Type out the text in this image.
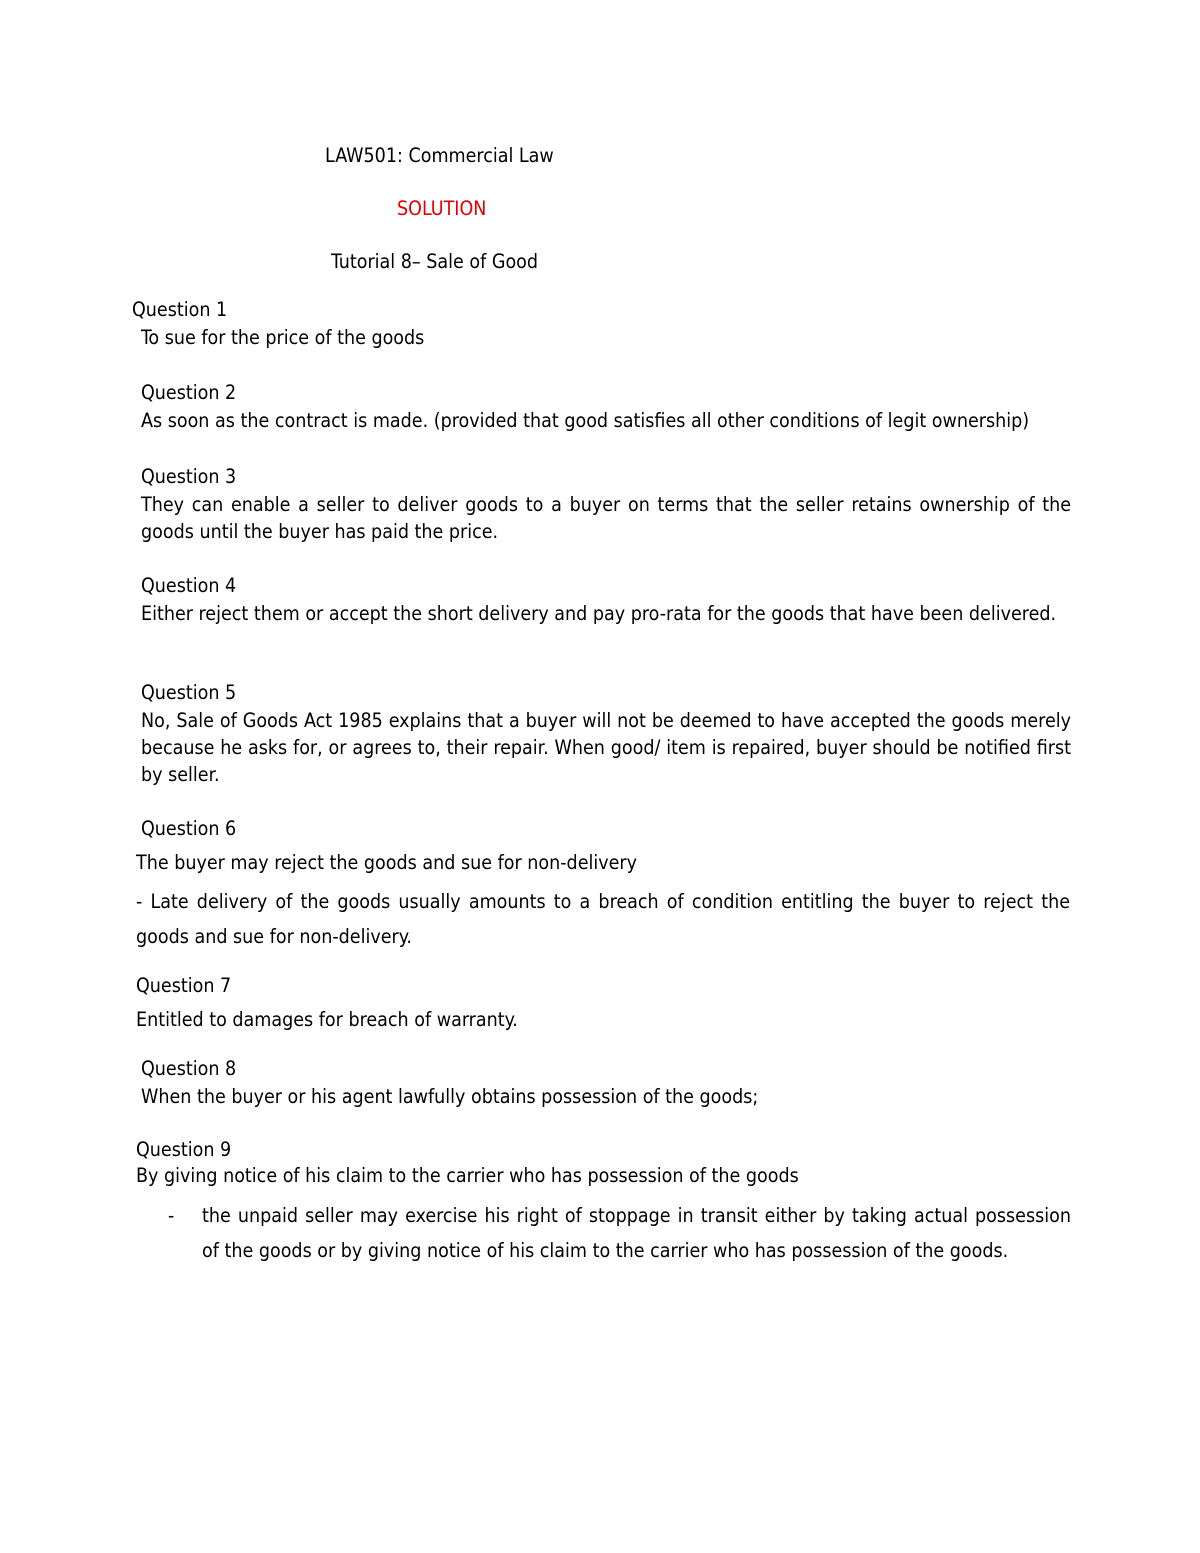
LAW501: Commercial Law
SOLUTION
Tutorial 8– Sale of Good
Question 1
To sue for the price of the goods
Question 2
As soon as the contract is made. (provided that good satisfies all other conditions of legit ownership)
Question 3
They can enable a seller to deliver goods to a buyer on terms that the seller retains ownership of the goods until the buyer has paid the price.
Question 4
Either reject them or accept the short delivery and pay pro-rata for the goods that have been delivered.
Question 5
No, Sale of Goods Act 1985 explains that a buyer will not be deemed to have accepted the goods merely because he asks for, or agrees to, their repair. When good/ item is repaired, buyer should be notified first by seller.
Question 6
The buyer may reject the goods and sue for non-delivery
- Late delivery of the goods usually amounts to a breach of condition entitling the buyer to reject the goods and sue for non-delivery.
Question 7
Entitled to damages for breach of warranty.
Question 8
When the buyer or his agent lawfully obtains possession of the goods;
Question 9
By giving notice of his claim to the carrier who has possession of the goods
- the unpaid seller may exercise his right of stoppage in transit either by taking actual possession of the goods or by giving notice of his claim to the carrier who has possession of the goods.
